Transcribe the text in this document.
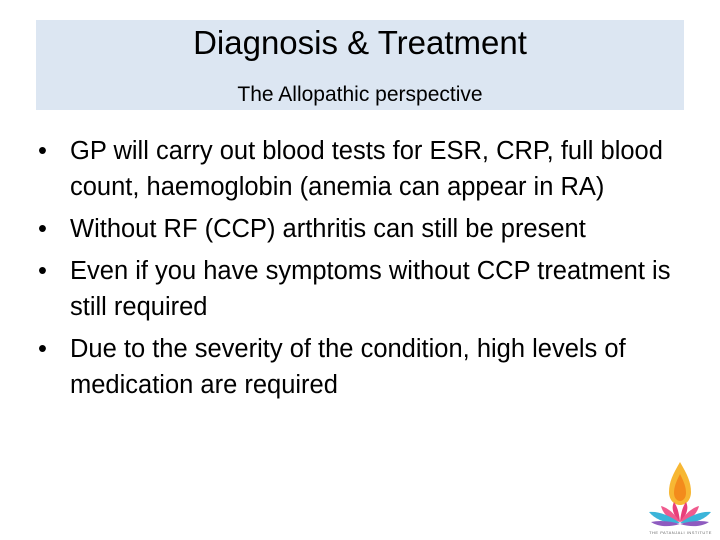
Diagnosis & Treatment
The Allopathic perspective
• GP will carry out blood tests for ESR, CRP, full blood count, haemoglobin (anemia can appear in RA)
• Without RF (CCP) arthritis can still be present
• Even if you have symptoms without CCP treatment is still required
• Due to the severity of the condition, high levels of medication are required
THE PATANJALI INSTITUTE
